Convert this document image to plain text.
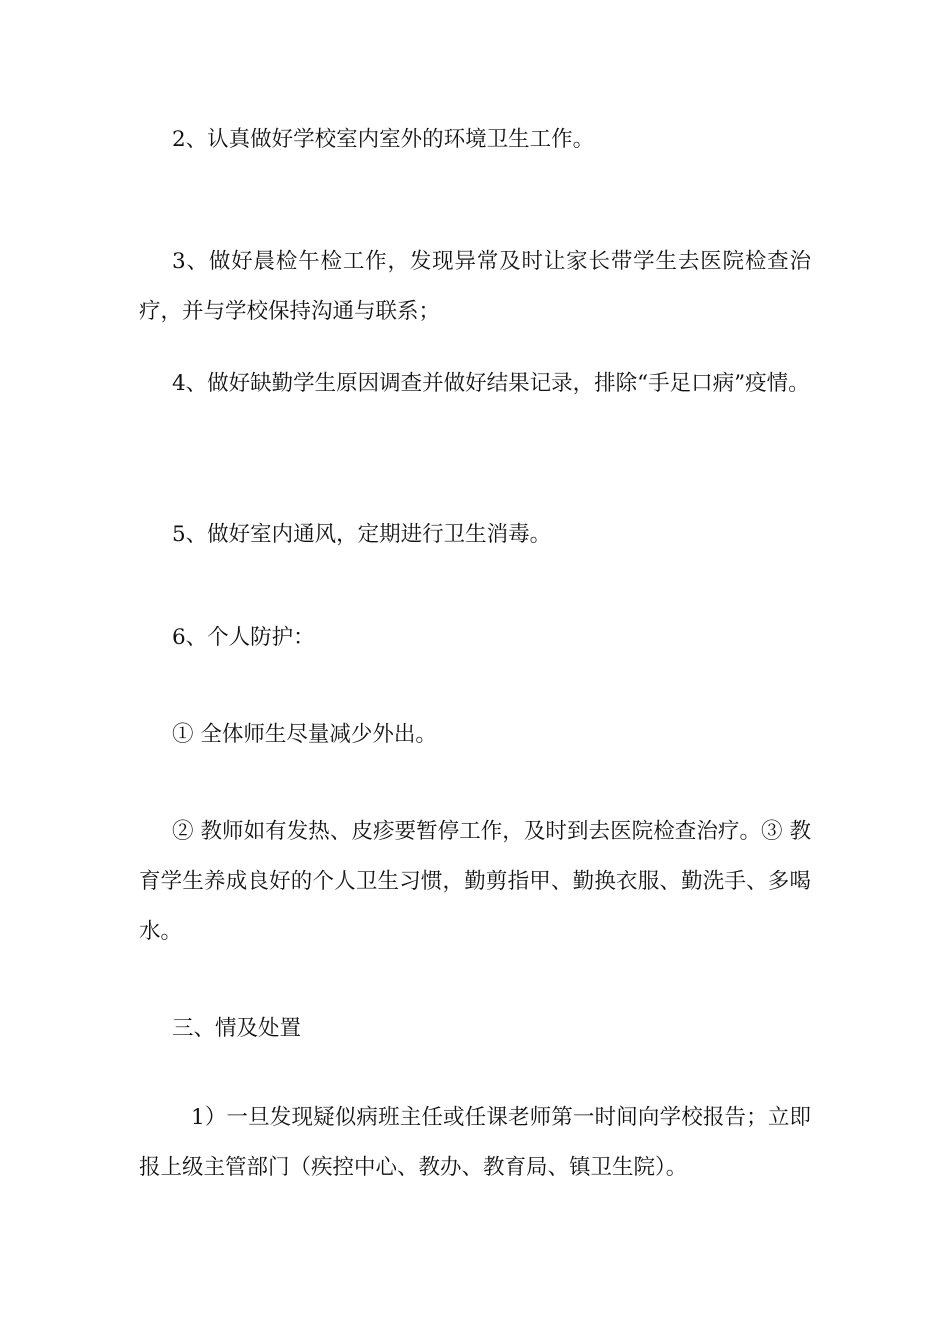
2、认真做好学校室内室外的环境卫生工作。

3、做好晨检午检工作，发现异常及时让家长带学生去医院检查治疗，并与学校保持沟通与联系；

4、做好缺勤学生原因调查并做好结果记录，排除“手足口病”疫情。

5、做好室内通风，定期进行卫生消毒。

6、个人防护：

① 全体师生尽量减少外出。

② 教师如有发热、皮疹要暂停工作，及时到去医院检查治疗。③ 教育学生养成良好的个人卫生习惯，勤剪指甲、勤换衣服、勤洗手、多喝水。

三、情及处置

1）一旦发现疑似病班主任或任课老师第一时间向学校报告；立即报上级主管部门（疾控中心、教办、教育局、镇卫生院）。
